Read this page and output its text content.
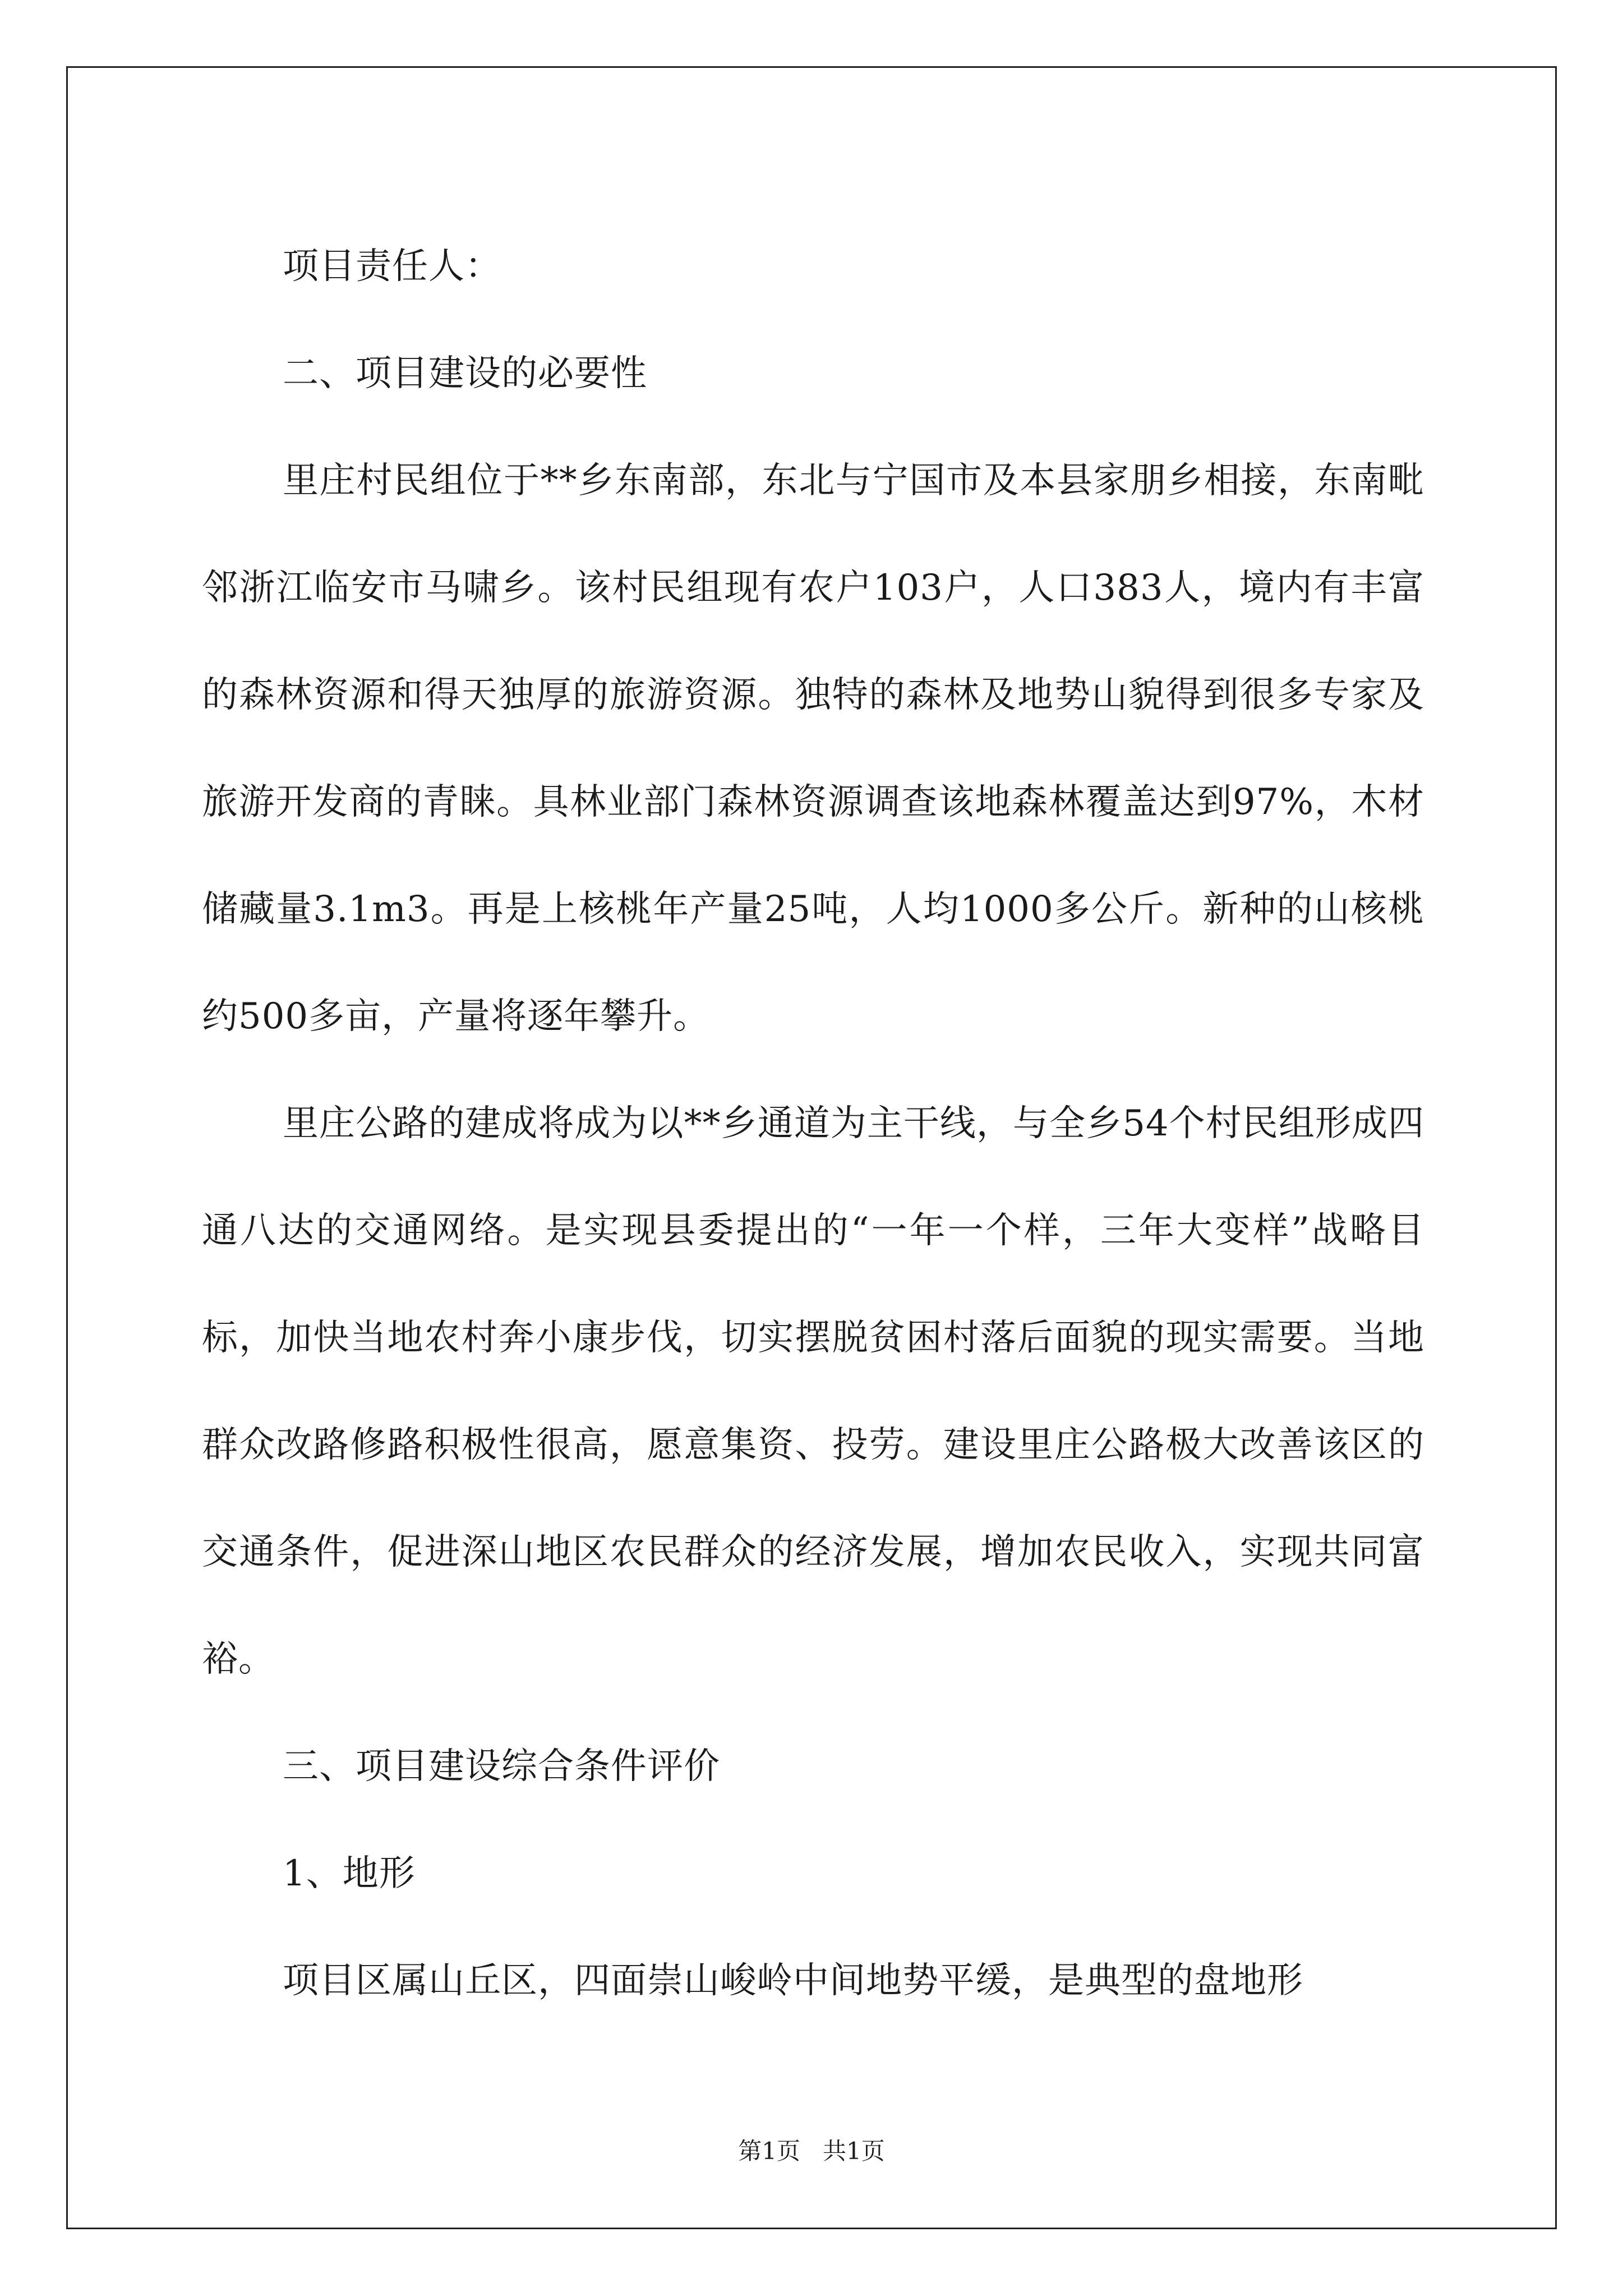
项目责任人：

二、项目建设的必要性

里庄村民组位于**乡东南部，东北与宁国市及本县家朋乡相接，东南毗邻浙江临安市马啸乡。该村民组现有农户103户，人口383人，境内有丰富的森林资源和得天独厚的旅游资源。独特的森林及地势山貌得到很多专家及旅游开发商的青睐。具林业部门森林资源调查该地森林覆盖达到97%，木材储藏量3.1m3。再是上核桃年产量25吨，人均1000多公斤。新种的山核桃约500多亩，产量将逐年攀升。

里庄公路的建成将成为以**乡通道为主干线，与全乡54个村民组形成四通八达的交通网络。是实现县委提出的“一年一个样，三年大变样”战略目标，加快当地农村奔小康步伐，切实摆脱贫困村落后面貌的现实需要。当地群众改路修路积极性很高，愿意集资、投劳。建设里庄公路极大改善该区的交通条件，促进深山地区农民群众的经济发展，增加农民收入，实现共同富裕。

三、项目建设综合条件评价

1、地形

项目区属山丘区，四面崇山峻岭中间地势平缓，是典型的盘地形

第1页 共1页
